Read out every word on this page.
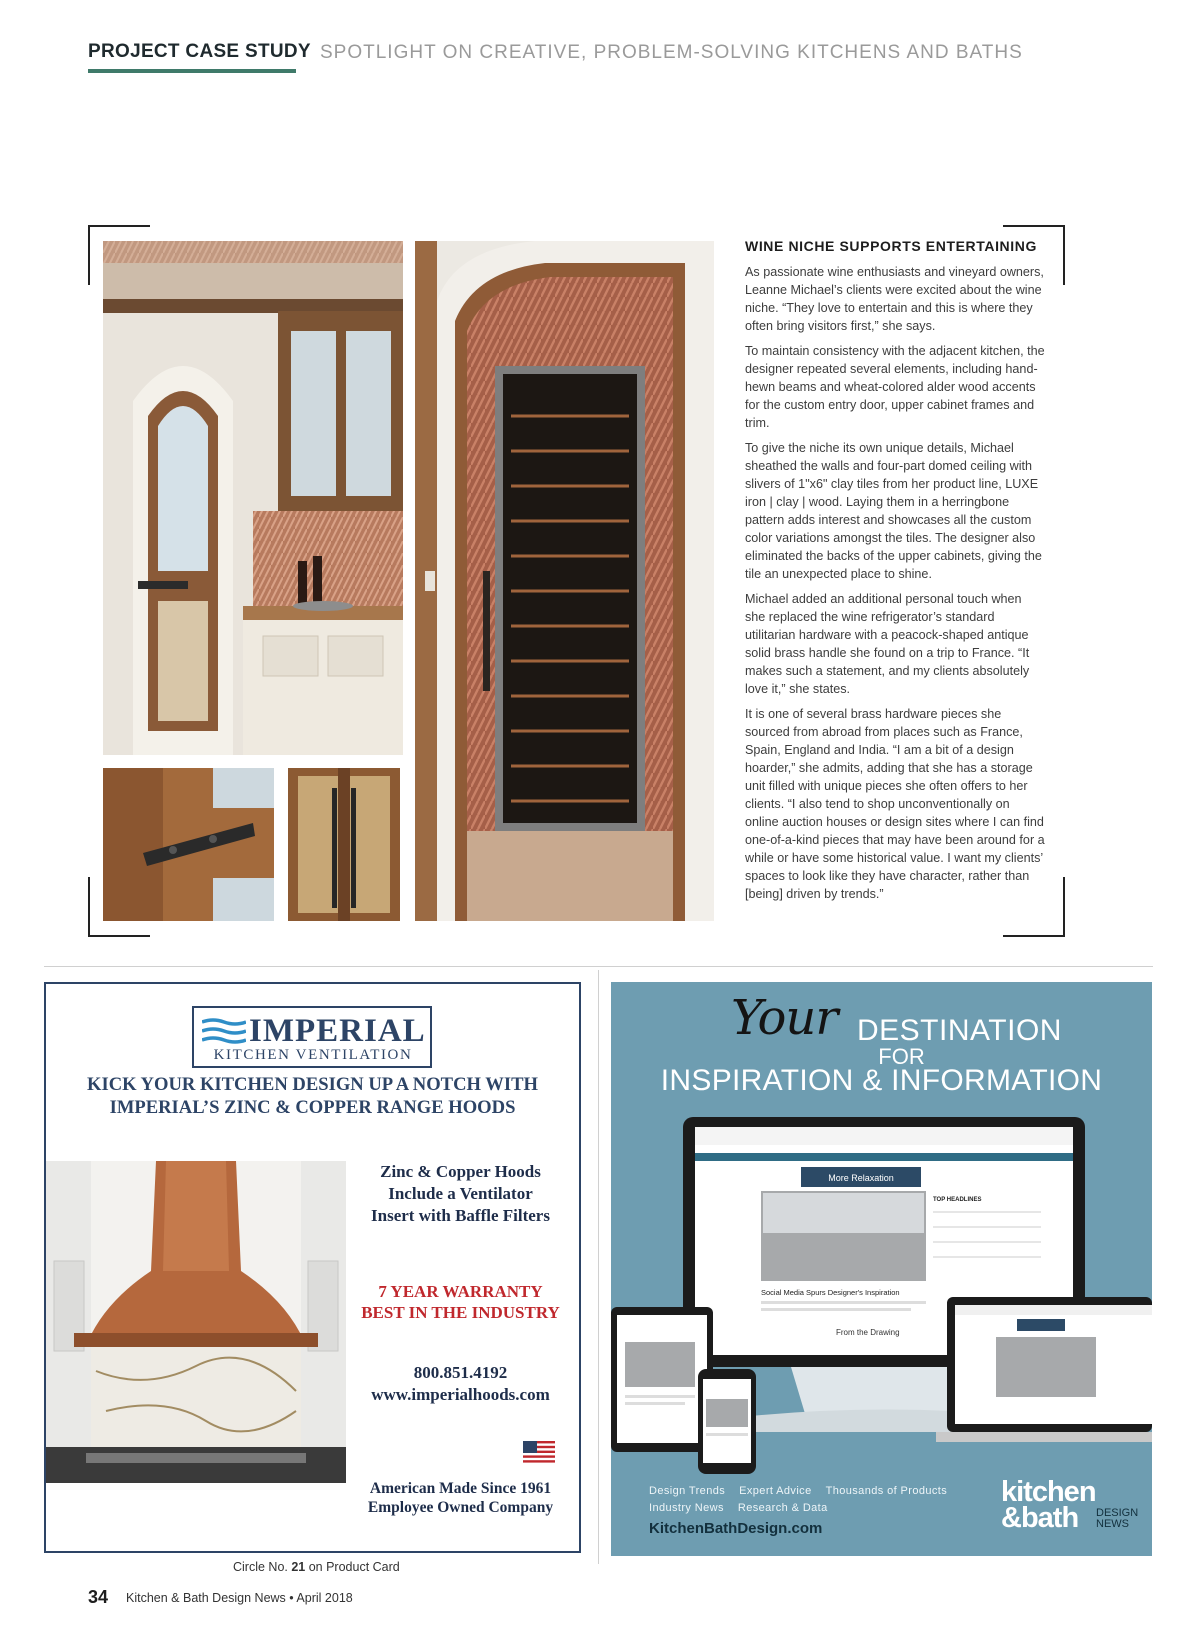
PROJECT CASE STUDY SPOTLIGHT ON CREATIVE, PROBLEM-SOLVING KITCHENS AND BATHS
WINE NICHE SUPPORTS ENTERTAINING

As passionate wine enthusiasts and vineyard owners, Leanne Michael’s clients were excited about the wine niche. “They love to entertain and this is where they often bring visitors first,” she says.

To maintain consistency with the adjacent kitchen, the designer repeated several elements, including hand-hewn beams and wheat-colored alder wood accents for the custom entry door, upper cabinet frames and trim.

To give the niche its own unique details, Michael sheathed the walls and four-part domed ceiling with slivers of 1"x6" clay tiles from her product line, LUXE iron | clay | wood. Laying them in a herringbone pattern adds interest and showcases all the custom color variations amongst the tiles. The designer also eliminated the backs of the upper cabinets, giving the tile an unexpected place to shine.

Michael added an additional personal touch when she replaced the wine refrigerator’s standard utilitarian hardware with a peacock-shaped antique solid brass handle she found on a trip to France. “It makes such a statement, and my clients absolutely love it,” she states.

It is one of several brass hardware pieces she sourced from abroad from places such as France, Spain, England and India. “I am a bit of a design hoarder,” she admits, adding that she has a storage unit filled with unique pieces she often offers to her clients. “I also tend to shop unconventionally on online auction houses or design sites where I can find one-of-a-kind pieces that may have been around for a while or have some historical value. I want my clients’ spaces to look like they have character, rather than [being] driven by trends.”

IMPERIAL
KITCHEN VENTILATION
KICK YOUR KITCHEN DESIGN UP A NOTCH WITH
IMPERIAL’S ZINC & COPPER RANGE HOODS
Zinc & Copper Hoods
Include a Ventilator
Insert with Baffle Filters
7 YEAR WARRANTY
BEST IN THE INDUSTRY
800.851.4192
www.imperialhoods.com
American Made Since 1961
Employee Owned Company
Circle No. 21 on Product Card
Your DESTINATION
FOR
INSPIRATION & INFORMATION
More Relaxation
TOP HEADLINES
Social Media Spurs Designer's Inspiration
From the Drawing
Design Trends Expert Advice Thousands of Products
Industry News Research & Data
KitchenBathDesign.com
kitchen
&bath	DESIGN
NEWS
34 Kitchen & Bath Design News • April 2018
